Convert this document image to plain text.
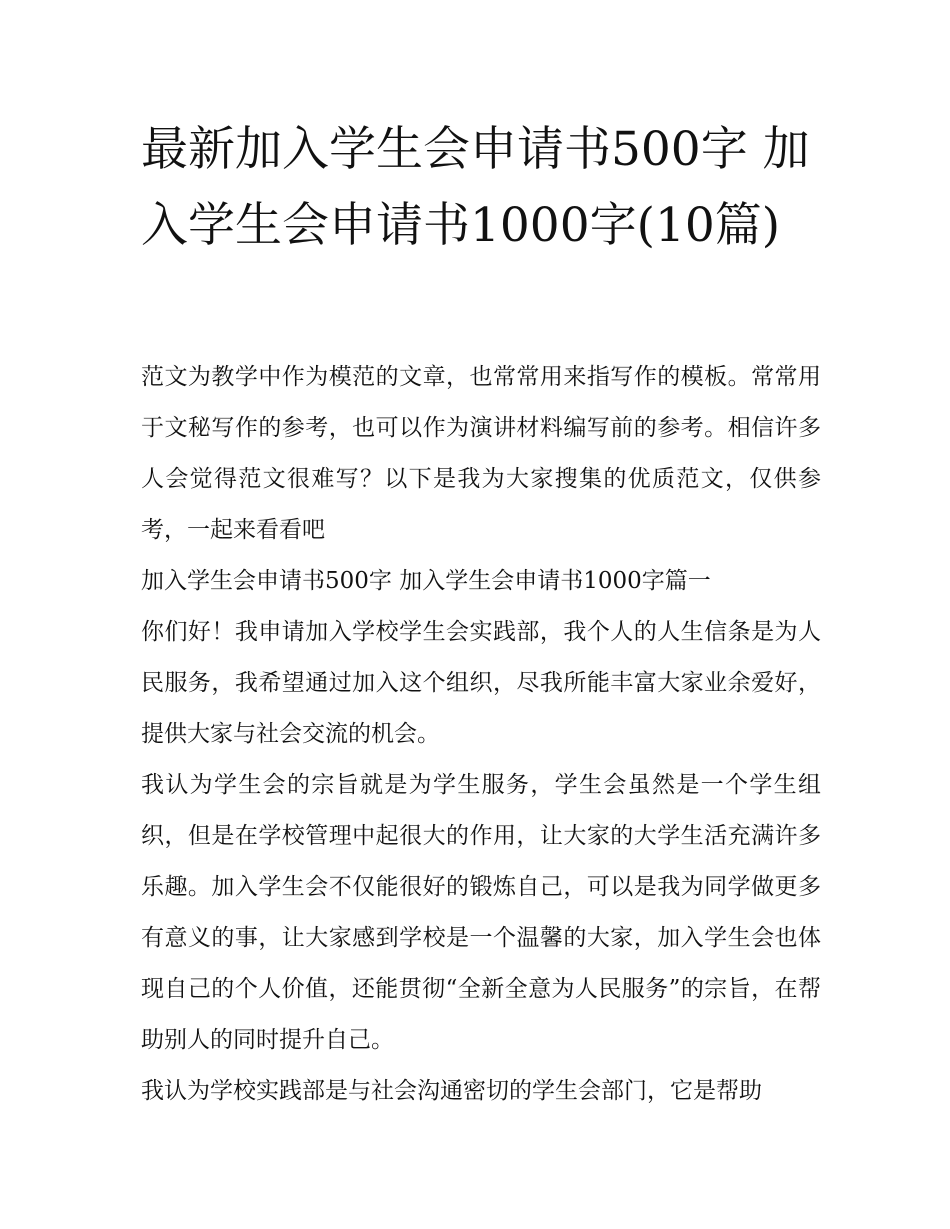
最新加入学生会申请书500字 加入学生会申请书1000字(10篇)

范文为教学中作为模范的文章，也常常用来指写作的模板。常常用于文秘写作的参考，也可以作为演讲材料编写前的参考。相信许多人会觉得范文很难写？以下是我为大家搜集的优质范文，仅供参考，一起来看看吧

加入学生会申请书500字 加入学生会申请书1000字篇一

你们好！我申请加入学校学生会实践部，我个人的人生信条是为人民服务，我希望通过加入这个组织，尽我所能丰富大家业余爱好，提供大家与社会交流的机会。

我认为学生会的宗旨就是为学生服务，学生会虽然是一个学生组织，但是在学校管理中起很大的作用，让大家的大学生活充满许多乐趣。加入学生会不仅能很好的锻炼自己，可以是我为同学做更多有意义的事，让大家感到学校是一个温馨的大家，加入学生会也体现自己的个人价值，还能贯彻“全新全意为人民服务”的宗旨，在帮助别人的同时提升自己。

我认为学校实践部是与社会沟通密切的学生会部门，它是帮助
